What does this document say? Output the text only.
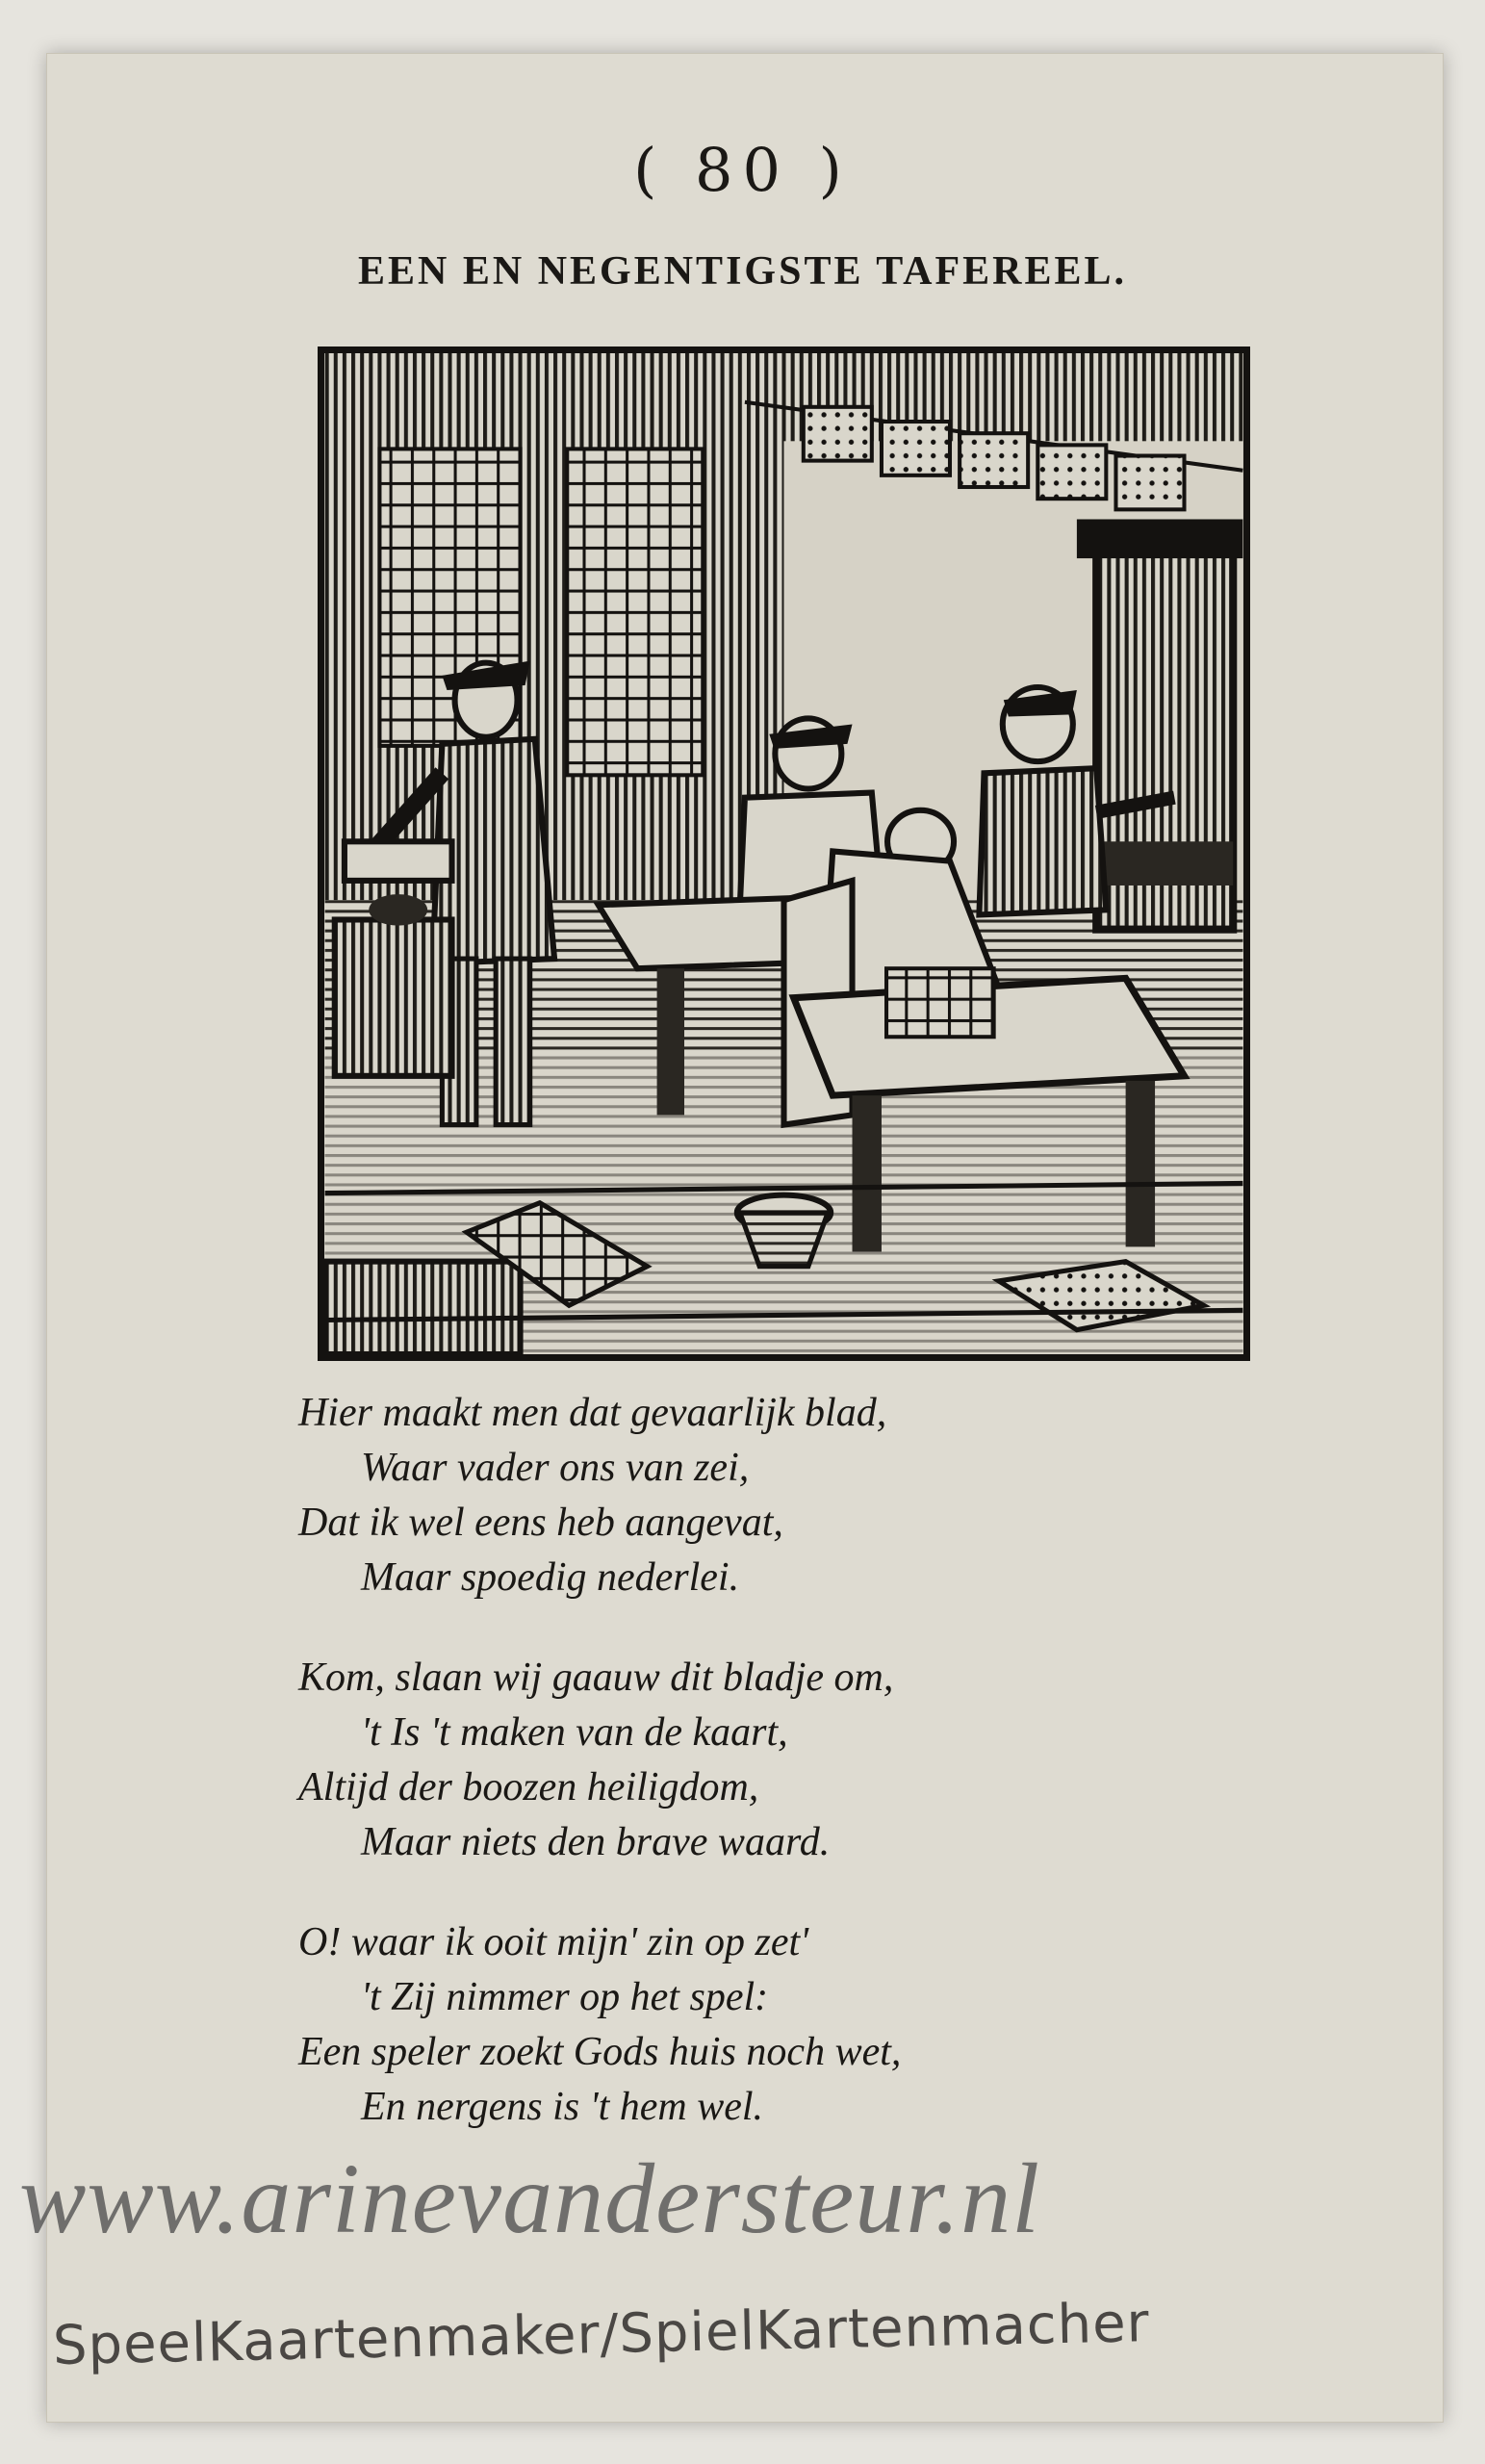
( 80 )
EEN EN NEGENTIGSTE TAFEREEL.
Hier maakt men dat gevaarlijk blad,
Waar vader ons van zei,
Dat ik wel eens heb aangevat,
Maar spoedig nederlei.
Kom, slaan wij gaauw dit bladje om,
't Is 't maken van de kaart,
Altijd der boozen heiligdom,
Maar niets den brave waard.
O! waar ik ooit mijn' zin op zet'
't Zij nimmer op het spel:
Een speler zoekt Gods huis noch wet,
En nergens is 't hem wel.
www.arinevandersteur.nl
SpeelKaartenmaker/SpielKartenmacher
